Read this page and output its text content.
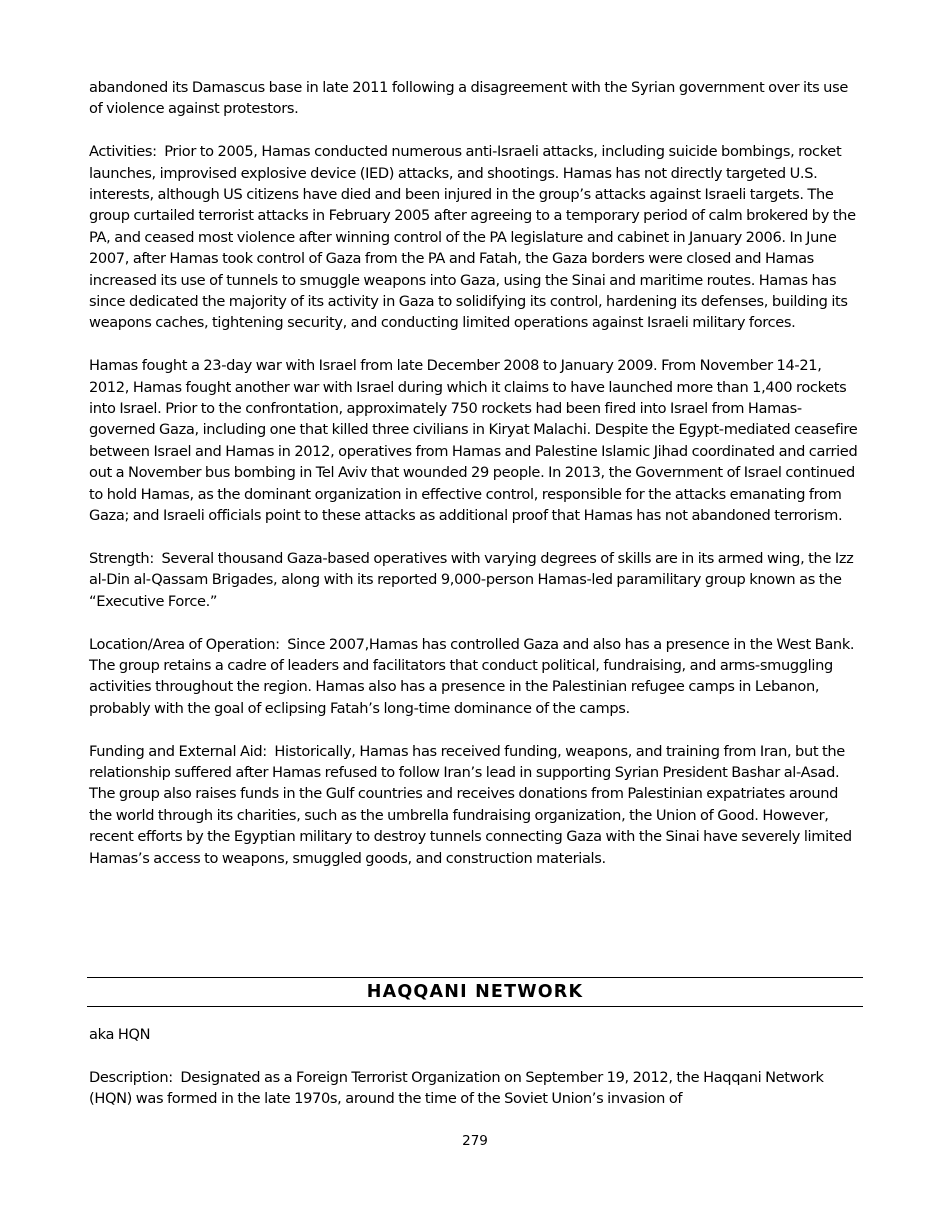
abandoned its Damascus base in late 2011 following a disagreement with the Syrian government over its use of violence against protestors.

Activities: Prior to 2005, Hamas conducted numerous anti-Israeli attacks, including suicide bombings, rocket launches, improvised explosive device (IED) attacks, and shootings. Hamas has not directly targeted U.S. interests, although US citizens have died and been injured in the group’s attacks against Israeli targets. The group curtailed terrorist attacks in February 2005 after agreeing to a temporary period of calm brokered by the PA, and ceased most violence after winning control of the PA legislature and cabinet in January 2006. In June 2007, after Hamas took control of Gaza from the PA and Fatah, the Gaza borders were closed and Hamas increased its use of tunnels to smuggle weapons into Gaza, using the Sinai and maritime routes. Hamas has since dedicated the majority of its activity in Gaza to solidifying its control, hardening its defenses, building its weapons caches, tightening security, and conducting limited operations against Israeli military forces.

Hamas fought a 23-day war with Israel from late December 2008 to January 2009. From November 14-21, 2012, Hamas fought another war with Israel during which it claims to have launched more than 1,400 rockets into Israel. Prior to the confrontation, approximately 750 rockets had been fired into Israel from Hamas-governed Gaza, including one that killed three civilians in Kiryat Malachi. Despite the Egypt-mediated ceasefire between Israel and Hamas in 2012, operatives from Hamas and Palestine Islamic Jihad coordinated and carried out a November bus bombing in Tel Aviv that wounded 29 people. In 2013, the Government of Israel continued to hold Hamas, as the dominant organization in effective control, responsible for the attacks emanating from Gaza; and Israeli officials point to these attacks as additional proof that Hamas has not abandoned terrorism.

Strength: Several thousand Gaza-based operatives with varying degrees of skills are in its armed wing, the Izz al-Din al-Qassam Brigades, along with its reported 9,000-person Hamas-led paramilitary group known as the “Executive Force.”

Location/Area of Operation: Since 2007,Hamas has controlled Gaza and also has a presence in the West Bank. The group retains a cadre of leaders and facilitators that conduct political, fundraising, and arms-smuggling activities throughout the region. Hamas also has a presence in the Palestinian refugee camps in Lebanon, probably with the goal of eclipsing Fatah’s long-time dominance of the camps.

Funding and External Aid: Historically, Hamas has received funding, weapons, and training from Iran, but the relationship suffered after Hamas refused to follow Iran’s lead in supporting Syrian President Bashar al-Asad. The group also raises funds in the Gulf countries and receives donations from Palestinian expatriates around the world through its charities, such as the umbrella fundraising organization, the Union of Good. However, recent efforts by the Egyptian military to destroy tunnels connecting Gaza with the Sinai have severely limited Hamas’s access to weapons, smuggled goods, and construction materials.

HAQQANI NETWORK

aka HQN

Description: Designated as a Foreign Terrorist Organization on September 19, 2012, the Haqqani Network (HQN) was formed in the late 1970s, around the time of the Soviet Union’s invasion of

279
